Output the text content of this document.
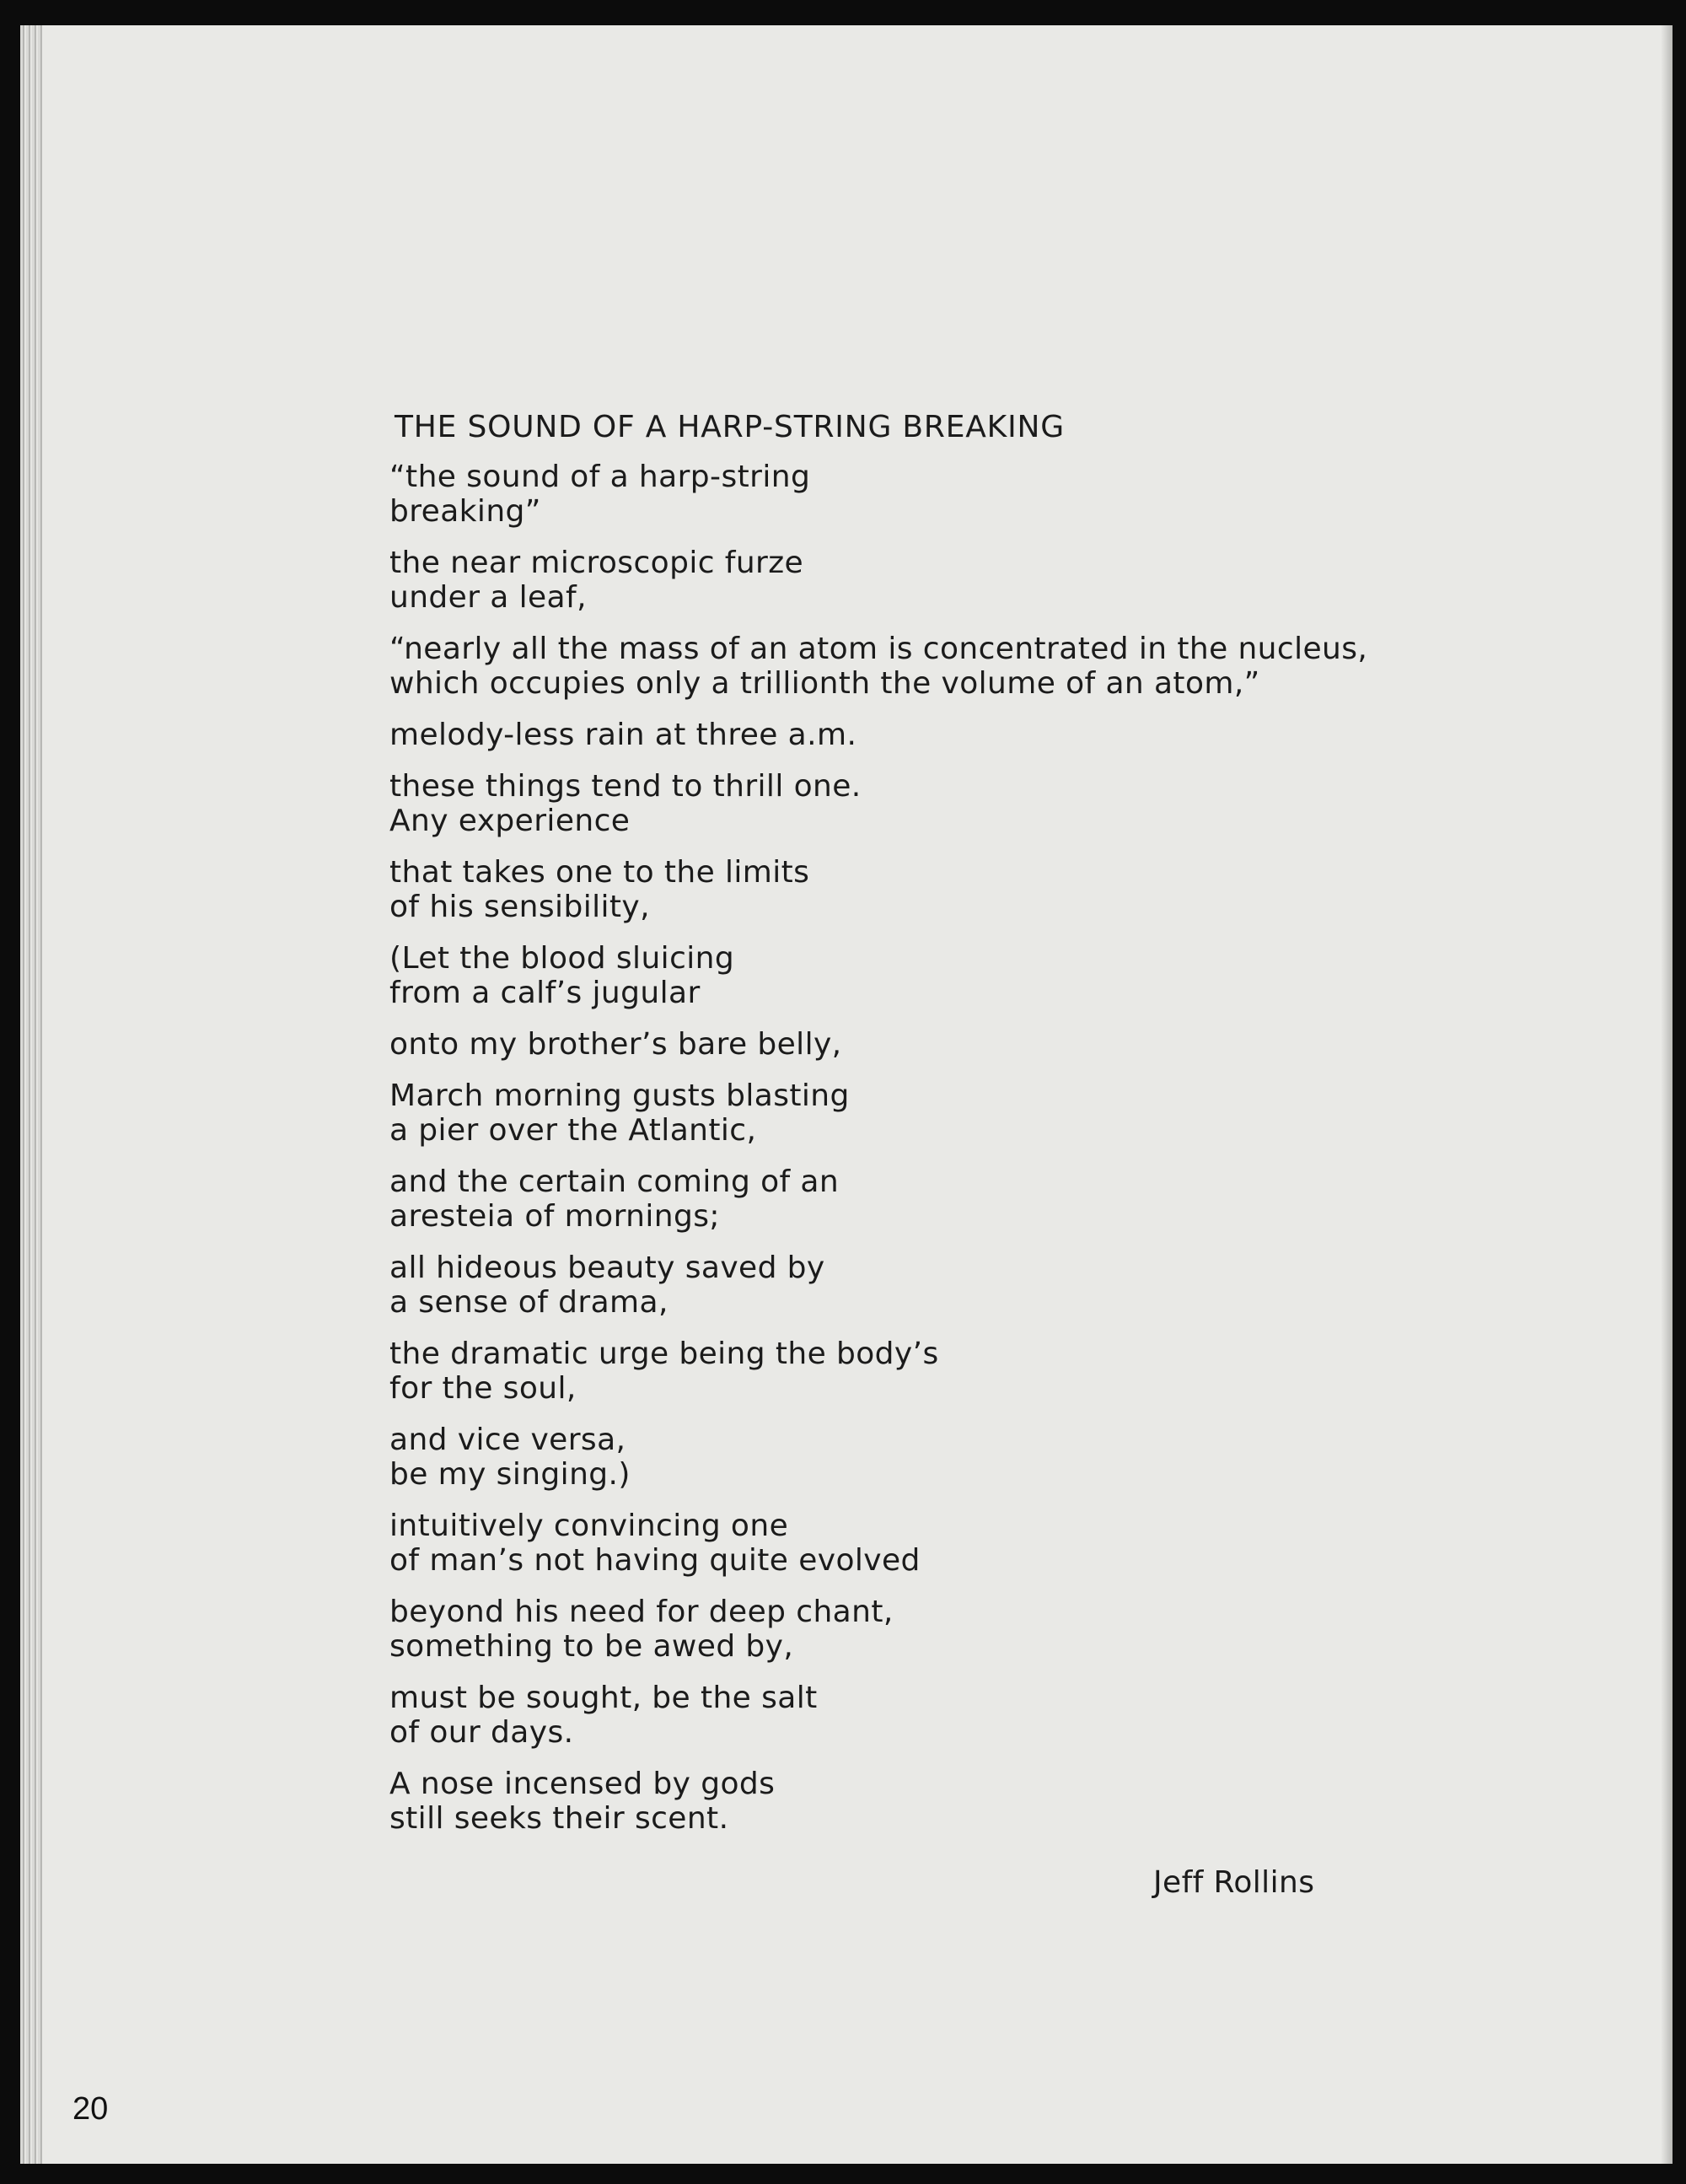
THE SOUND OF A HARP-STRING BREAKING
“the sound of a harp-string
breaking”
the near microscopic furze
under a leaf,
“nearly all the mass of an atom is concentrated in the nucleus,
which occupies only a trillionth the volume of an atom,”
melody-less rain at three a.m.
these things tend to thrill one.
Any experience
that takes one to the limits
of his sensibility,
(Let the blood sluicing
from a calf’s jugular
onto my brother’s bare belly,
March morning gusts blasting
a pier over the Atlantic,
and the certain coming of an
aresteia of mornings;
all hideous beauty saved by
a sense of drama,
the dramatic urge being the body’s
for the soul,
and vice versa,
be my singing.)
intuitively convincing one
of man’s not having quite evolved
beyond his need for deep chant,
something to be awed by,
must be sought, be the salt
of our days.
A nose incensed by gods
still seeks their scent.
Jeff Rollins
20
